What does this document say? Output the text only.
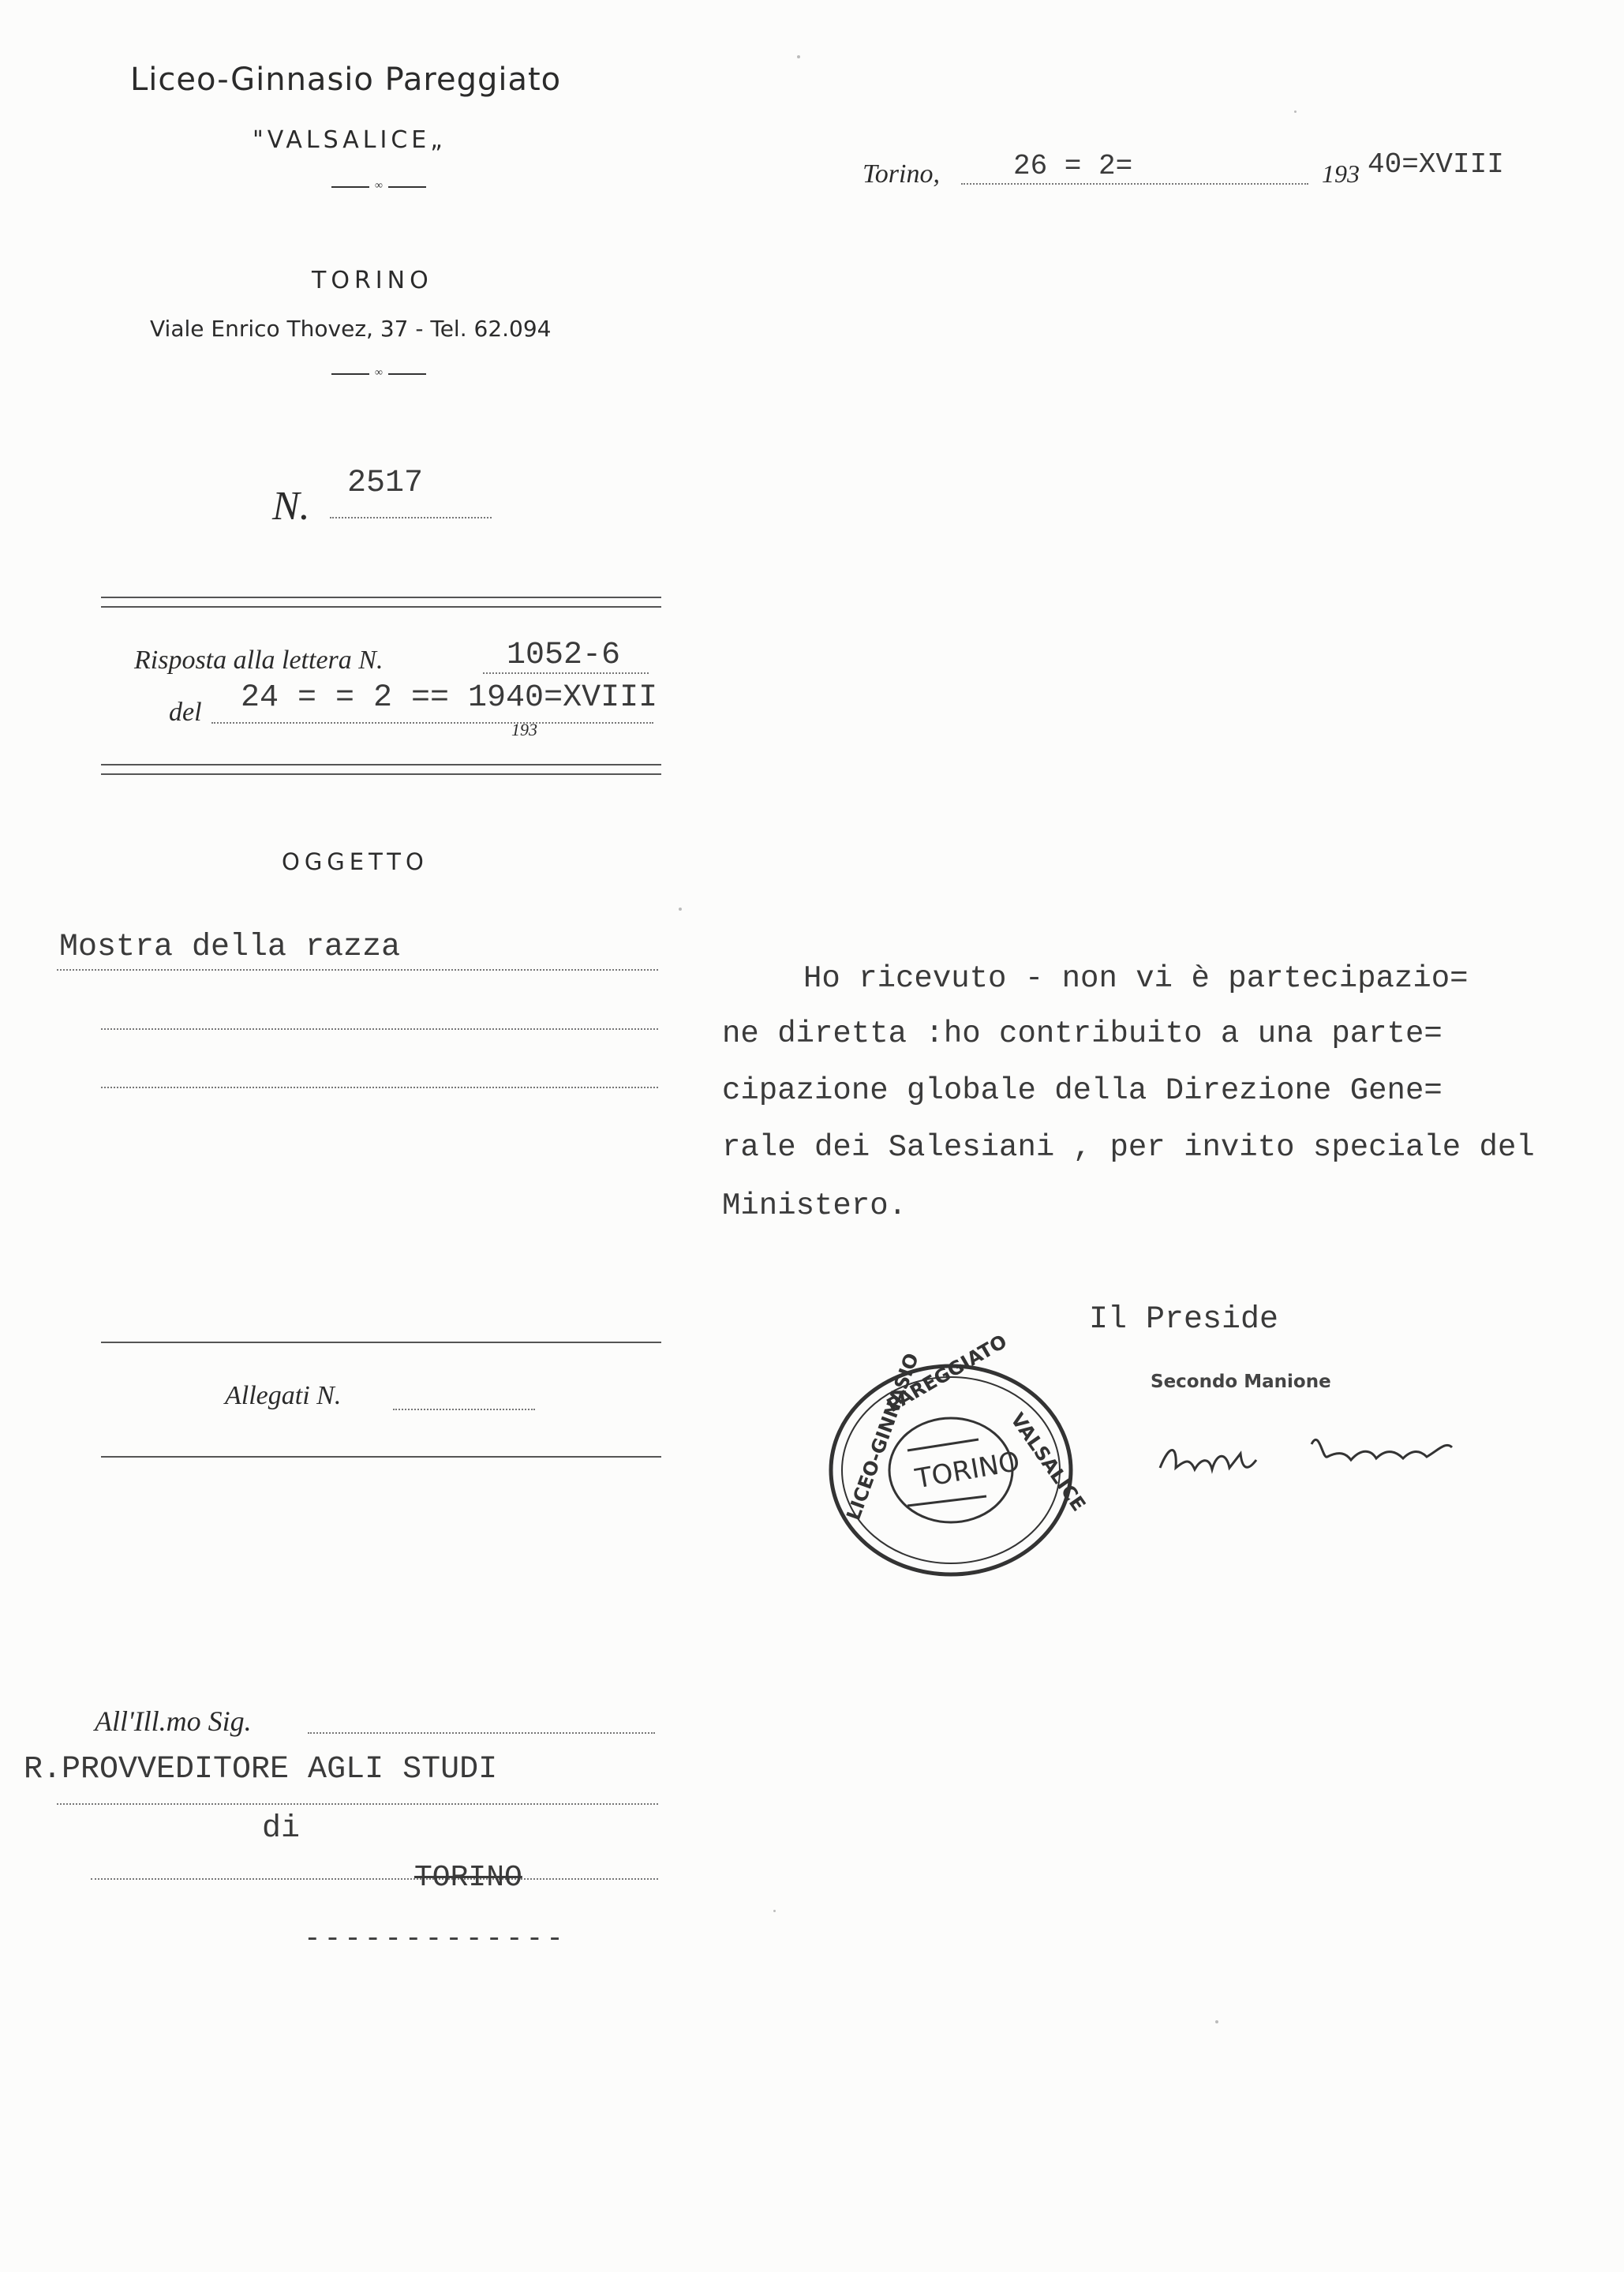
Liceo-Ginnasio Pareggiato
"VALSALICE„
∞
TORINO
Viale Enrico Thovez, 37 - Tel. 62.094
∞
Torino,	26 = 2=	193 40=XVIII
N.
2517
Risposta alla lettera N.	1052-6
del 24 = = 2 == 1940=XVIII
193
OGGETTO
Mostra della razza
Ho ricevuto - non vi è partecipazio=
ne diretta :ho contribuito a una parte=
cipazione globale della Direzione Gene=
rale dei Salesiani , per invito speciale del
Ministero.
Il Preside
Secondo Manione
PAREGGIATO
VALSALICE
LICEO-GINNASIO
TORINO
Allegati N.
All'Ill.mo Sig.
R.PROVVEDITORE AGLI STUDI
di
TORINO
-------------
